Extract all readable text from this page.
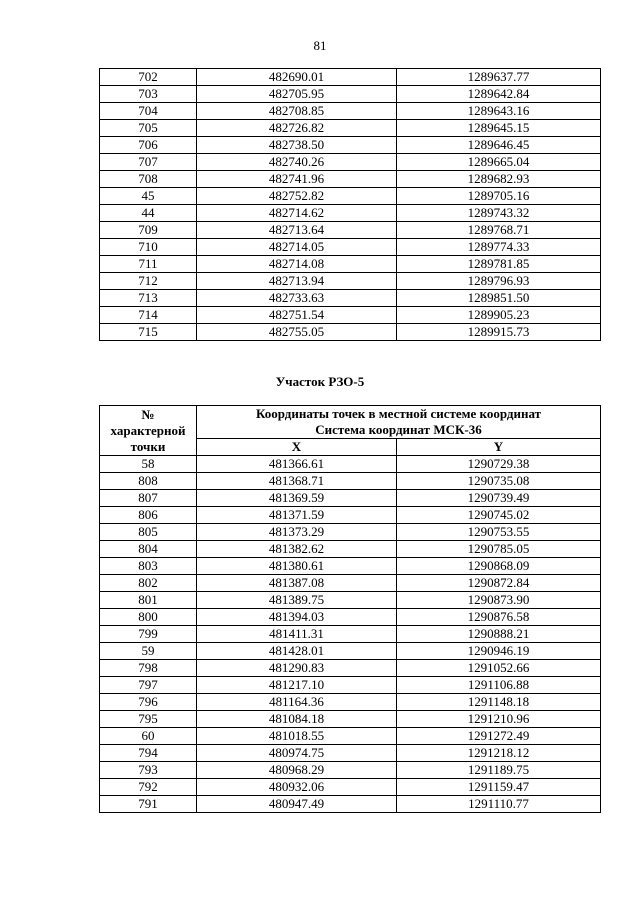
81
702	482690.01	1289637.77
703	482705.95	1289642.84
704	482708.85	1289643.16
705	482726.82	1289645.15
706	482738.50	1289646.45
707	482740.26	1289665.04
708	482741.96	1289682.93
45	482752.82	1289705.16
44	482714.62	1289743.32
709	482713.64	1289768.71
710	482714.05	1289774.33
711	482714.08	1289781.85
712	482713.94	1289796.93
713	482733.63	1289851.50
714	482751.54	1289905.23
715	482755.05	1289915.73
Участок РЗО-5
№
характерной
точки	Координаты точек в местной системе координат
Система координат МСК-36	

	X	Y
58	481366.61	1290729.38
808	481368.71	1290735.08
807	481369.59	1290739.49
806	481371.59	1290745.02
805	481373.29	1290753.55
804	481382.62	1290785.05
803	481380.61	1290868.09
802	481387.08	1290872.84
801	481389.75	1290873.90
800	481394.03	1290876.58
799	481411.31	1290888.21
59	481428.01	1290946.19
798	481290.83	1291052.66
797	481217.10	1291106.88
796	481164.36	1291148.18
795	481084.18	1291210.96
60	481018.55	1291272.49
794	480974.75	1291218.12
793	480968.29	1291189.75
792	480932.06	1291159.47
791	480947.49	1291110.77
